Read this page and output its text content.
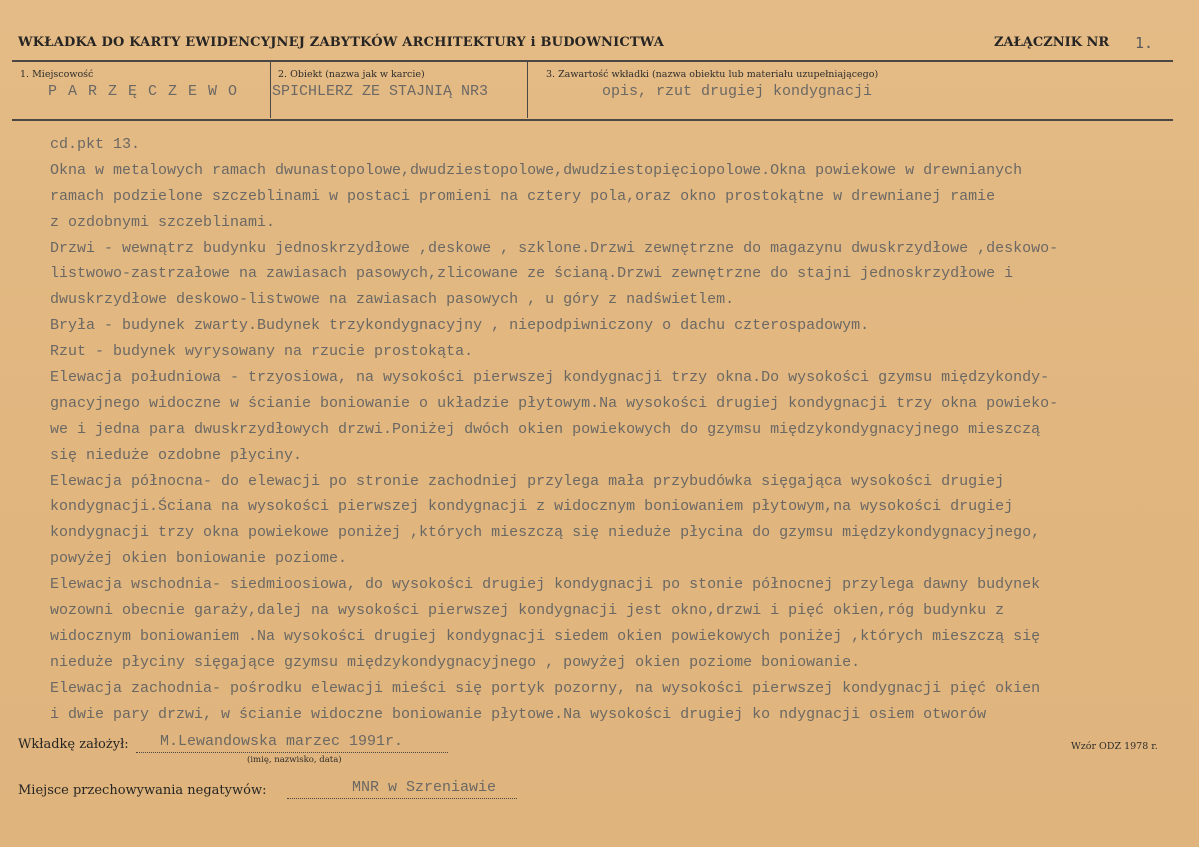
WKŁADKA DO KARTY EWIDENCYJNEJ ZABYTKÓW ARCHITEKTURY i BUDOWNICTWA	ZAŁĄCZNIK NR 1.
1. Miejscowość
PARZĘCZEWO
2. Obiekt (nazwa jak w karcie)
SPICHLERZ ZE STAJNIĄ NR3
3. Zawartość wkładki (nazwa obiektu lub materiału uzupełniającego)
opis, rzut drugiej kondygnacji
cd.pkt 13.
Okna w metalowych ramach dwunastopolowe,dwudziestopolowe,dwudziestopięciopolowe.Okna powiekowe w drewnianych
ramach podzielone szczeblinami w postaci promieni na cztery pola,oraz okno prostokątne w drewnianej ramie
z ozdobnymi szczeblinami.
Drzwi - wewnątrz budynku jednoskrzydłowe ,deskowe , szklone.Drzwi zewnętrzne do magazynu dwuskrzydłowe ,deskowo-
listwowo-zastrzałowe na zawiasach pasowych,zlicowane ze ścianą.Drzwi zewnętrzne do stajni jednoskrzydłowe i
dwuskrzydłowe deskowo-listwowe na zawiasach pasowych , u góry z nadświetlem.
Bryła - budynek zwarty.Budynek trzykondygnacyjny , niepodpiwniczony o dachu czterospadowym.
Rzut - budynek wyrysowany na rzucie prostokąta.
Elewacja południowa - trzyosiowa, na wysokości pierwszej kondygnacji trzy okna.Do wysokości gzymsu międzykondy-
gnacyjnego widoczne w ścianie boniowanie o układzie płytowym.Na wysokości drugiej kondygnacji trzy okna powieko-
we i jedna para dwuskrzydłowych drzwi.Poniżej dwóch okien powiekowych do gzymsu międzykondygnacyjnego mieszczą
się nieduże ozdobne płyciny.
Elewacja północna- do elewacji po stronie zachodniej przylega mała przybudówka sięgająca wysokości drugiej
kondygnacji.Ściana na wysokości pierwszej kondygnacji z widocznym boniowaniem płytowym,na wysokości drugiej
kondygnacji trzy okna powiekowe poniżej ,których mieszczą się nieduże płycina do gzymsu międzykondygnacyjnego,
powyżej okien boniowanie poziome.
Elewacja wschodnia- siedmioosiowa, do wysokości drugiej kondygnacji po stonie północnej przylega dawny budynek
wozowni obecnie garaży,dalej na wysokości pierwszej kondygnacji jest okno,drzwi i pięć okien,róg budynku z
widocznym boniowaniem .Na wysokości drugiej kondygnacji siedem okien powiekowych poniżej ,których mieszczą się
nieduże płyciny sięgające gzymsu międzykondygnacyjnego , powyżej okien poziome boniowanie.
Elewacja zachodnia- pośrodku elewacji mieści się portyk pozorny, na wysokości pierwszej kondygnacji pięć okien
i dwie pary drzwi, w ścianie widoczne boniowanie płytowe.Na wysokości drugiej ko ndygnacji osiem otworów
Wkładkę założył: M.Lewandowska marzec 1991r.
(imię, nazwisko, data)
Wzór ODZ 1978 r.
Miejsce przechowywania negatywów:	MNR w Szreniawie
